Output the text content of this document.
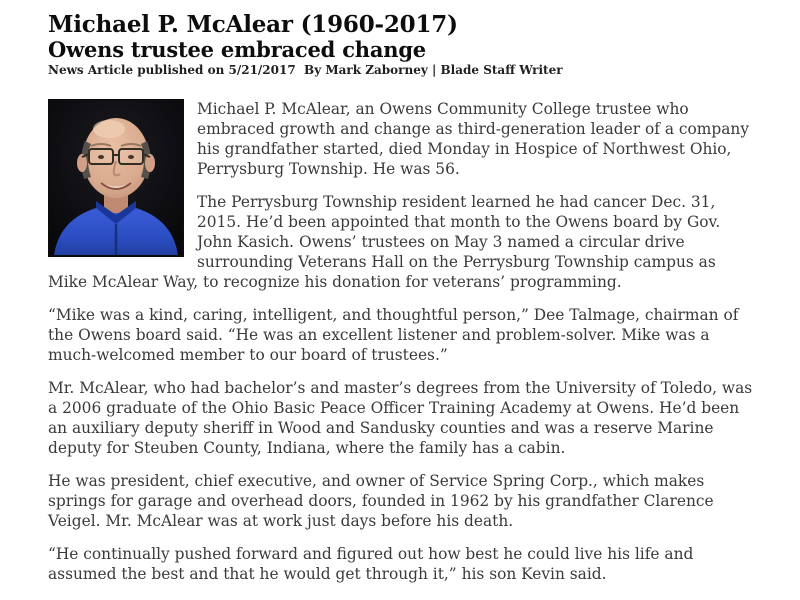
Michael P. McAlear (1960-2017)
Owens trustee embraced change
News Article published on 5/21/2017  By Mark Zaborney | Blade Staff Writer

Michael P. McAlear, an Owens Community College trustee who embraced growth and change as third-generation leader of a company his grandfather started, died Monday in Hospice of Northwest Ohio, Perrysburg Township. He was 56.

The Perrysburg Township resident learned he had cancer Dec. 31, 2015. He’d been appointed that month to the Owens board by Gov. John Kasich. Owens’ trustees on May 3 named a circular drive surrounding Veterans Hall on the Perrysburg Township campus as Mike McAlear Way, to recognize his donation for veterans’ programming.

“Mike was a kind, caring, intelligent, and thoughtful person,” Dee Talmage, chairman of the Owens board said. “He was an excellent listener and problem-solver. Mike was a much-welcomed member to our board of trustees.”

Mr. McAlear, who had bachelor’s and master’s degrees from the University of Toledo, was a 2006 graduate of the Ohio Basic Peace Officer Training Academy at Owens. He’d been an auxiliary deputy sheriff in Wood and Sandusky counties and was a reserve Marine deputy for Steuben County, Indiana, where the family has a cabin.

He was president, chief executive, and owner of Service Spring Corp., which makes springs for garage and overhead doors, founded in 1962 by his grandfather Clarence Veigel. Mr. McAlear was at work just days before his death.

“He continually pushed forward and figured out how best he could live his life and assumed the best and that he would get through it,” his son Kevin said.
